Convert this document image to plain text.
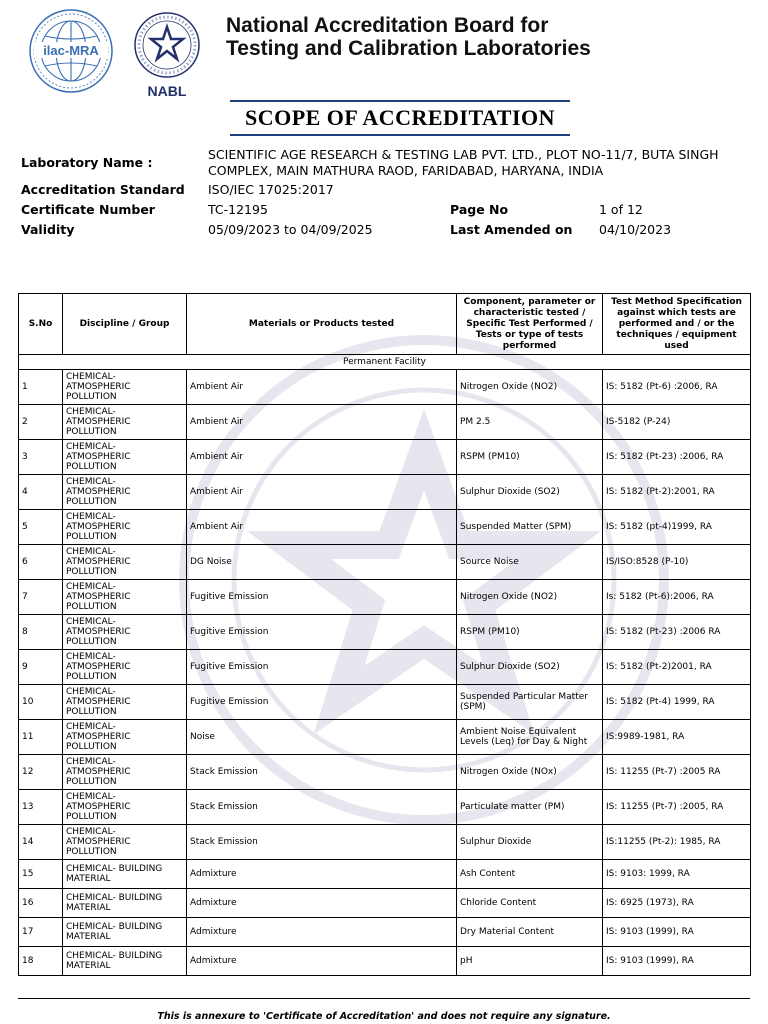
ilac-MRA
NABL
National Accreditation Board for
Testing and Calibration Laboratories
SCOPE OF ACCREDITATION
Laboratory Name :
SCIENTIFIC AGE RESEARCH & TESTING LAB PVT. LTD., PLOT NO-11/7, BUTA SINGH
COMPLEX, MAIN MATHURA RAOD, FARIDABAD, HARYANA, INDIA
Accreditation Standard ISO/IEC 17025:2017
Certificate Number	TC-12195	Page No	1 of 12
Validity	05/09/2023 to 04/09/2025	Last Amended on 04/10/2023
S.No	Discipline / Group	Materials or Products tested	Component, parameter or characteristic tested / Specific Test Performed / Tests or type of tests performed	Test Method Specification against which tests are performed and / or the techniques / equipment used
Permanent Facility				
1	CHEMICAL- ATMOSPHERIC POLLUTION	Ambient Air	Nitrogen Oxide (NO2)	IS: 5182 (Pt-6) :2006, RA
2	CHEMICAL- ATMOSPHERIC POLLUTION	Ambient Air	PM 2.5	IS-5182 (P-24)
3	CHEMICAL- ATMOSPHERIC POLLUTION	Ambient Air	RSPM (PM10)	IS: 5182 (Pt-23) :2006, RA
4	CHEMICAL- ATMOSPHERIC POLLUTION	Ambient Air	Sulphur Dioxide (SO2)	IS: 5182 (Pt-2):2001, RA
5	CHEMICAL- ATMOSPHERIC POLLUTION	Ambient Air	Suspended Matter (SPM)	IS: 5182 (pt-4)1999, RA
6	CHEMICAL- ATMOSPHERIC POLLUTION	DG Noise	Source Noise	IS/ISO:8528 (P-10)
7	CHEMICAL- ATMOSPHERIC POLLUTION	Fugitive Emission	Nitrogen Oxide (NO2)	Is: 5182 (Pt-6):2006, RA
8	CHEMICAL- ATMOSPHERIC POLLUTION	Fugitive Emission	RSPM (PM10)	IS: 5182 (Pt-23) :2006 RA
9	CHEMICAL- ATMOSPHERIC POLLUTION	Fugitive Emission	Sulphur Dioxide (SO2)	IS: 5182 (Pt-2)2001, RA
10	CHEMICAL- ATMOSPHERIC POLLUTION	Fugitive Emission	Suspended Particular Matter (SPM)	IS: 5182 (Pt-4) 1999, RA
11	CHEMICAL- ATMOSPHERIC POLLUTION	Noise	Ambient Noise Equivalent Levels (Leq) for Day & Night	IS:9989-1981, RA
12	CHEMICAL- ATMOSPHERIC POLLUTION	Stack Emission	Nitrogen Oxide (NOx)	IS: 11255 (Pt-7) :2005 RA
13	CHEMICAL- ATMOSPHERIC POLLUTION	Stack Emission	Particulate matter (PM)	IS: 11255 (Pt-7) :2005, RA
14	CHEMICAL- ATMOSPHERIC POLLUTION	Stack Emission	Sulphur Dioxide	IS:11255 (Pt-2): 1985, RA
15	CHEMICAL- BUILDING MATERIAL	Admixture	Ash Content	IS: 9103: 1999, RA
16	CHEMICAL- BUILDING MATERIAL	Admixture	Chloride Content	IS: 6925 (1973), RA
17	CHEMICAL- BUILDING MATERIAL	Admixture	Dry Material Content	IS: 9103 (1999), RA
18	CHEMICAL- BUILDING MATERIAL	Admixture	pH	IS: 9103 (1999), RA
This is annexure to 'Certificate of Accreditation' and does not require any signature.
